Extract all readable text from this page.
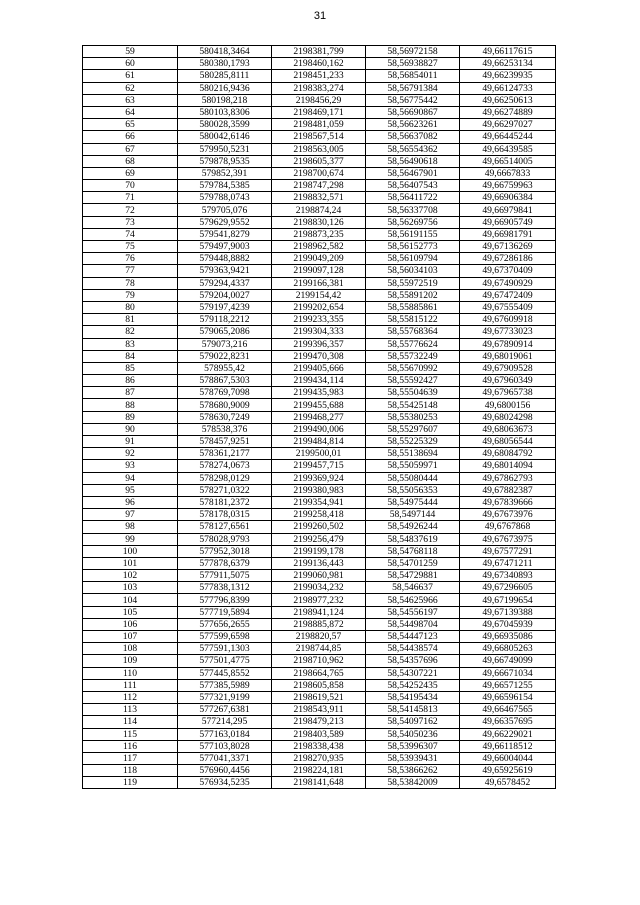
31
59	580418,3464	2198381,799	58,56972158	49,66117615
60	580380,1793	2198460,162	58,56938827	49,66253134
61	580285,8111	2198451,233	58,56854011	49,66239935
62	580216,9436	2198383,274	58,56791384	49,66124733
63	580198,218	2198456,29	58,56775442	49,66250613
64	580103,8306	2198469,171	58,56690867	49,66274889
65	580028,3599	2198481,059	58,56623261	49,66297027
66	580042,6146	2198567,514	58,56637082	49,66445244
67	579950,5231	2198563,005	58,56554362	49,66439585
68	579878,9535	2198605,377	58,56490618	49,66514005
69	579852,391	2198700,674	58,56467901	49,6667833
70	579784,5385	2198747,298	58,56407543	49,66759963
71	579788,0743	2198832,571	58,56411722	49,66906384
72	579705,076	2198874,24	58,56337708	49,66979841
73	579629,9552	2198830,126	58,56269756	49,66905749
74	579541,8279	2198873,235	58,56191155	49,66981791
75	579497,9003	2198962,582	58,56152773	49,67136269
76	579448,8882	2199049,209	58,56109794	49,67286186
77	579363,9421	2199097,128	58,56034103	49,67370409
78	579294,4337	2199166,381	58,55972519	49,67490929
79	579204,0027	2199154,42	58,55891202	49,67472409
80	579197,4239	2199202,654	58,55885861	49,67555409
81	579118,2212	2199233,355	58,55815122	49,67609918
82	579065,2086	2199304,333	58,55768364	49,67733023
83	579073,216	2199396,357	58,55776624	49,67890914
84	579022,8231	2199470,308	58,55732249	49,68019061
85	578955,42	2199405,666	58,55670992	49,67909528
86	578867,5303	2199434,114	58,55592427	49,67960349
87	578769,7098	2199435,983	58,55504639	49,67965738
88	578680,9009	2199455,688	58,55425148	49,6800156
89	578630,7249	2199468,277	58,55380253	49,68024298
90	578538,376	2199490,006	58,55297607	49,68063673
91	578457,9251	2199484,814	58,55225329	49,68056544
92	578361,2177	2199500,01	58,55138694	49,68084792
93	578274,0673	2199457,715	58,55059971	49,68014094
94	578298,0129	2199369,924	58,55080444	49,67862793
95	578271,0322	2199380,983	58,55056353	49,67882387
96	578181,2372	2199354,941	58,54975444	49,67839666
97	578178,0315	2199258,418	58,5497144	49,67673976
98	578127,6561	2199260,502	58,54926244	49,6767868
99	578028,9793	2199256,479	58,54837619	49,67673975
100	577952,3018	2199199,178	58,54768118	49,67577291
101	577878,6379	2199136,443	58,54701259	49,67471211
102	577911,5075	2199060,981	58,54729881	49,67340893
103	577838,1312	2199034,232	58,546637	49,67296605
104	577796,8399	2198977,232	58,54625966	49,67199654
105	577719,5894	2198941,124	58,54556197	49,67139388
106	577656,2655	2198885,872	58,54498704	49,67045939
107	577599,6598	2198820,57	58,54447123	49,66935086
108	577591,1303	2198744,85	58,54438574	49,66805263
109	577501,4775	2198710,962	58,54357696	49,66749099
110	577445,8552	2198664,765	58,54307221	49,66671034
111	577385,5989	2198605,858	58,54252435	49,66571255
112	577321,9199	2198619,521	58,54195434	49,66596154
113	577267,6381	2198543,911	58,54145813	49,66467565
114	577214,295	2198479,213	58,54097162	49,66357695
115	577163,0184	2198403,589	58,54050236	49,66229021
116	577103,8028	2198338,438	58,53996307	49,66118512
117	577041,3371	2198270,935	58,53939431	49,66004044
118	576960,4456	2198224,181	58,53866262	49,65925619
119	576934,5235	2198141,648	58,53842009	49,6578452
